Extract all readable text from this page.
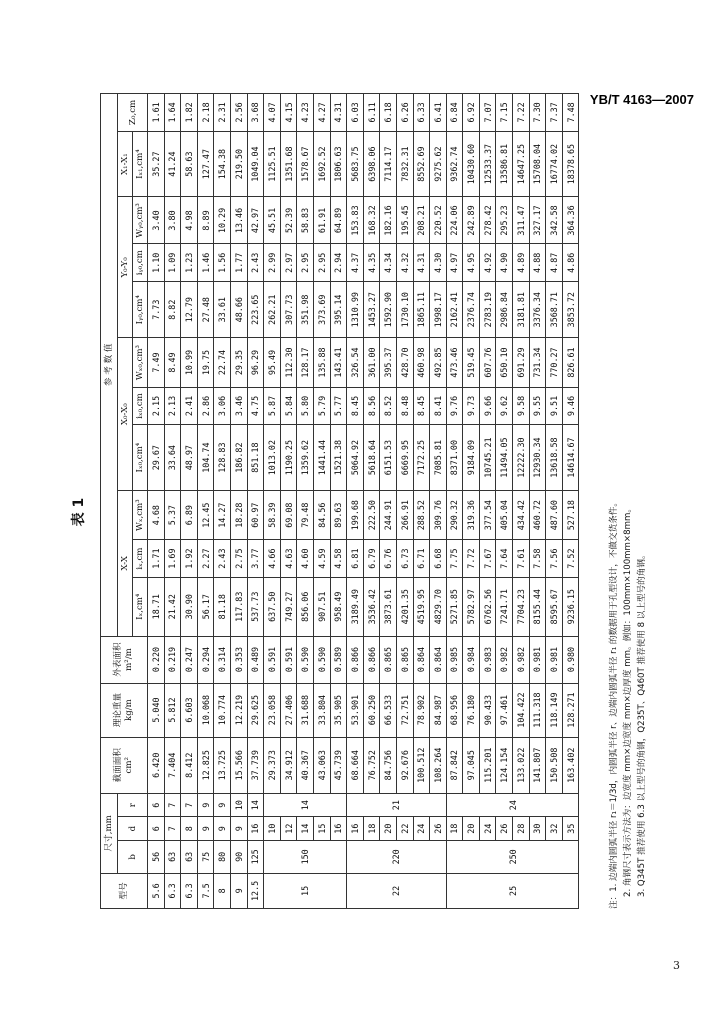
YB/T 4163—2007
表 1
型号	尺寸,mm			截面面积 cm²	理论重量 kg/m	外表面积 m²/m	参 考 数 值										
	b	d	r				X-X			X₀-X₀			Y₀-Y₀			X₁-X₁	Z₀,cm
							Iₓ,cm⁴	iₓ,cm	Wₓ,cm³	Iₓ₀,cm⁴	iₓ₀,cm	Wₓ₀,cm³	Iᵧ₀,cm⁴	iᵧ₀,cm	Wᵧ₀,cm³	Iₓ₁,cm⁴	
5.6	56	6	6	6.420	5.040	0.220	18.71	1.71	4.68	29.67	2.15	7.49	7.73	1.10	3.40	35.27	1.61
6.3	63	7	7	7.404	5.812	0.219	21.42	1.69	5.37	33.64	2.13	8.49	8.82	1.09	3.80	41.24	1.64
6.3	63	8	7	8.412	6.603	0.247	30.90	1.92	6.89	48.97	2.41	10.99	12.79	1.23	4.98	58.63	1.82
7.5	75	9	9	12.825	10.068	0.294	56.17	2.27	12.45	104.74	2.86	19.75	27.48	1.46	8.89	127.47	2.18
8	80	9	9	13.725	10.774	0.314	81.18	2.43	14.27	128.83	3.06	22.74	33.61	1.56	10.29	154.38	2.31
9	90	9	10	15.566	12.219	0.353	117.83	2.75	18.28	186.82	3.46	29.35	48.66	1.77	13.46	219.50	2.56
12.5	125	16	14	37.739	29.625	0.489	537.73	3.77	60.97	851.18	4.75	96.29	223.65	2.43	42.97	1049.04	3.68
15	150	10	14	29.373	23.058	0.591	637.50	4.66	58.39	1013.02	5.87	95.49	262.21	2.99	45.51	1125.51	4.07
		12		34.912	27.406	0.591	749.27	4.63	69.08	1190.25	5.84	112.30	307.73	2.97	52.39	1351.68	4.15
		14		40.367	31.688	0.590	856.06	4.60	79.48	1359.62	5.80	128.17	351.98	2.95	58.83	1578.67	4.23
		15		43.063	33.804	0.590	907.51	4.59	84.56	1441.44	5.79	135.88	373.69	2.95	61.91	1692.52	4.27
		16		45.739	35.905	0.589	958.49	4.58	89.63	1521.38	5.77	143.41	395.14	2.94	64.89	1806.63	4.31
22	220	16	21	68.664	53.901	0.866	3189.49	6.81	199.68	5064.92	8.45	326.54	1310.99	4.37	153.83	5683.75	6.03
		18		76.752	60.250	0.866	3536.42	6.79	222.50	5618.64	8.56	361.00	1453.27	4.35	168.32	6398.06	6.11
		20		84.756	66.533	0.865	3873.61	6.76	244.91	6151.53	8.52	395.37	1592.90	4.34	182.16	7114.17	6.18
		22		92.676	72.751	0.865	4201.35	6.73	266.91	6669.95	8.48	428.70	1730.10	4.32	195.45	7832.31	6.26
		24		100.512	78.902	0.864	4519.95	6.71	288.52	7172.25	8.45	460.98	1865.11	4.31	208.21	8552.69	6.33
		26		108.264	84.987	0.864	4829.70	6.68	309.76	7085.81	8.41	492.85	1998.17	4.30	220.52	9275.62	6.41
25	250	18	24	87.842	68.956	0.985	5271.85	7.75	290.32	8371.00	9.76	473.46	2162.41	4.97	224.06	9362.74	6.84
		20		97.045	76.180	0.984	5782.97	7.72	319.36	9184.09	9.73	519.45	2376.74	4.95	242.89	10430.60	6.92
		24		115.201	90.433	0.983	6762.56	7.67	377.54	10745.21	9.66	607.76	2783.19	4.92	278.42	12533.37	7.07
		26		124.154	97.461	0.982	7241.71	7.64	405.04	11494.05	9.62	650.10	2986.84	4.90	295.23	13586.81	7.15
		28		133.022	104.422	0.982	7704.23	7.61	434.42	12222.30	9.58	691.29	3181.81	4.89	311.47	14647.25	7.22
		30		141.807	111.318	0.981	8155.44	7.58	460.72	12930.34	9.55	731.34	3376.34	4.88	327.17	15708.04	7.30
		32		150.508	118.149	0.981	8595.67	7.56	487.60	13618.58	9.51	770.27	3568.71	4.87	342.58	16774.02	7.37
		35		163.402	128.271	0.980	9236.15	7.52	527.18	14614.67	9.46	826.61	3853.72	4.86	364.36	18378.65	7.48
注：1. 边端内圆弧半径 r₁＝1/3d，内圆弧半径 r、边端内圆弧半径 r₁ 的数据用于孔型设计，不做交货条件。 2. 角钢尺寸表示方法为：边宽度 mm×边宽度 mm×边厚度 mm。例如：100mm×100mm×8mm。 3. Q345T 推荐使用 6.3 以上型号的角钢，Q235T、Q460T 推荐使用 8 以上型号的角钢。
3
